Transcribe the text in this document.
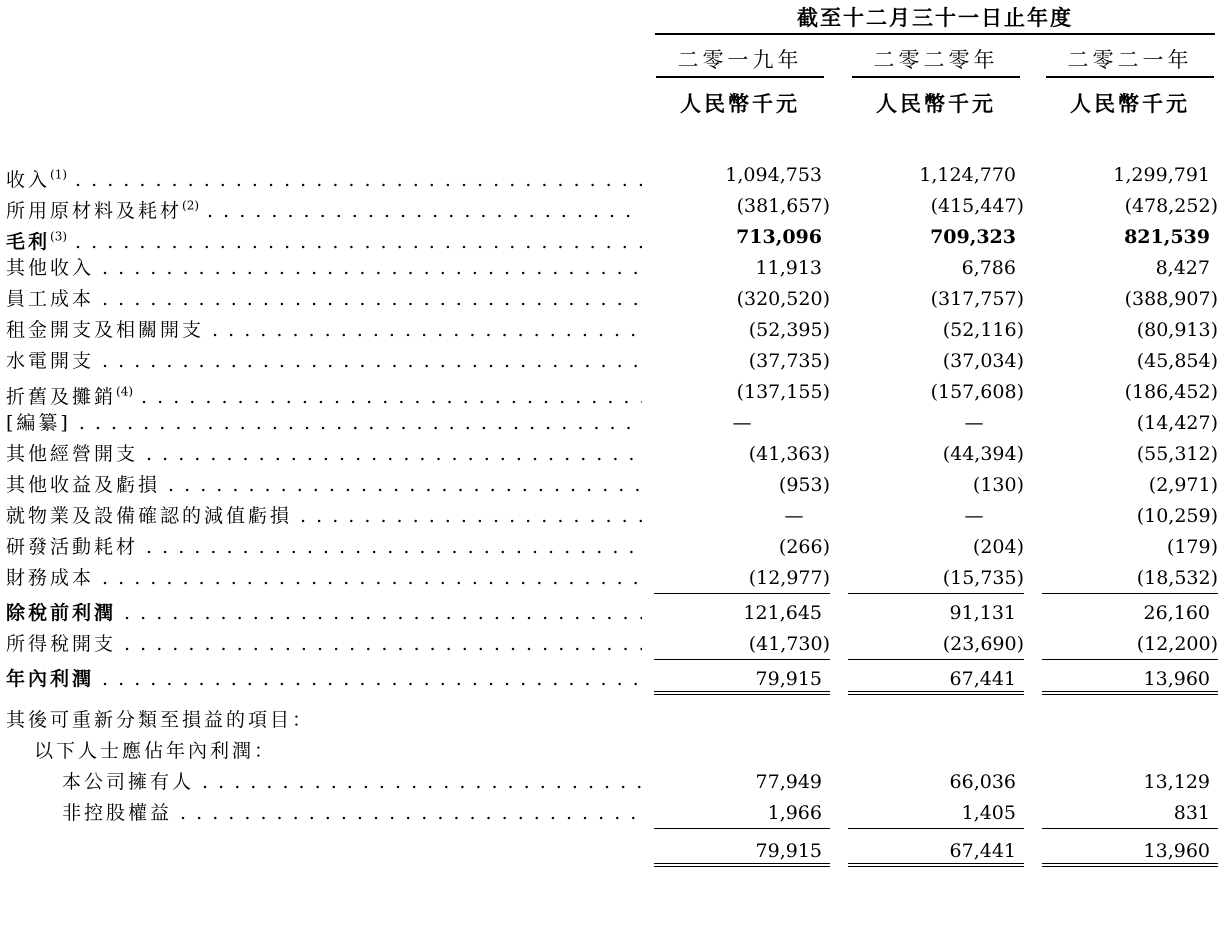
截至十二月三十一日止年度
二零一九年	二零二零年	二零二一年
人民幣千元	人民幣千元	人民幣千元
收入$^{(1)}$ . . .	1,094,753	1,124,770	1,299,791
所用原材料及耗材$^{(2)}$ . . .	(381,657)	(415,447)	(478,252)
毛利$^{(3)}$ . . .	713,096	709,323	821,539
其他收入 . . .	11,913	6,786	8,427
員工成本 . . .	(320,520)	(317,757)	(388,907)
租金開支及相關開支 . . .	(52,395)	(52,116)	(80,913)
水電開支 . . .	(37,735)	(37,034)	(45,854)
折舊及攤銷$^{(4)}$ . . .	(137,155)	(157,608)	(186,452)
[編纂] . . .	—	—	(14,427)
其他經營開支 . . .	(41,363)	(44,394)	(55,312)
其他收益及虧損 . . .	(953)	(130)	(2,971)
就物業及設備確認的減值虧損 . . .	—	—	(10,259)
研發活動耗材 . . .	(266)	(204)	(179)
財務成本 . . .	(12,977)	(15,735)	(18,532)
除稅前利潤 . . .	121,645	91,131	26,160
所得稅開支 . . .	(41,730)	(23,690)	(12,200)
年內利潤 . . .	79,915	67,441	13,960
其後可重新分類至損益的項目：
以下人士應佔年內利潤：
本公司擁有人 . . .	77,949	66,036	13,129
非控股權益 . . .	1,966	1,405	831
79,915	67,441	13,960
